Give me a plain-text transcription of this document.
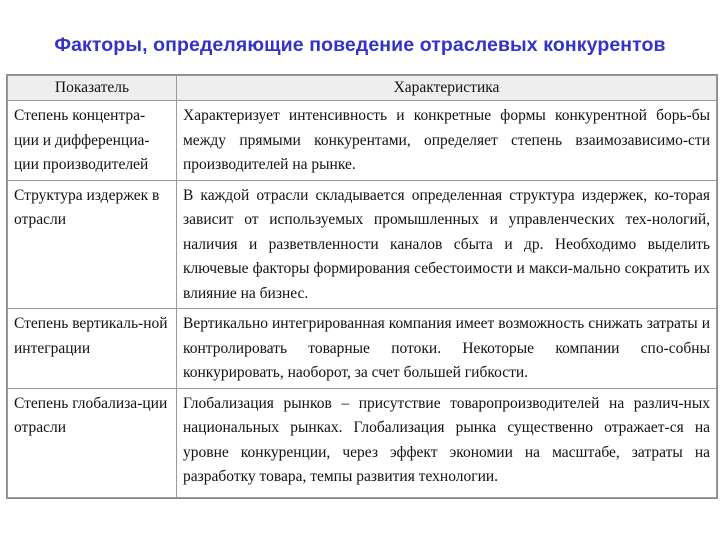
Факторы, определяющие поведение отраслевых конкурентов
Показатель	Характеристика
Степень концентра-ции и дифференциа-ции производителей	Характеризует интенсивность и конкретные формы конкурентной борь-бы между прямыми конкурентами, определяет степень взаимозависимо-сти производителей на рынке.
Структура издержек в отрасли	В каждой отрасли складывается определенная структура издержек, ко-торая зависит от используемых промышленных и управленческих тех-нологий, наличия и разветвленности каналов сбыта и др. Необходимо выделить ключевые факторы формирования себестоимости и макси-мально сократить их влияние на бизнес.
Степень вертикаль-ной интеграции	Вертикально интегрированная компания имеет возможность снижать затраты и контролировать товарные потоки. Некоторые компании спо-собны конкурировать, наоборот, за счет большей гибкости.
Степень глобализа-ции отрасли	Глобализация рынков – присутствие товаропроизводителей на различ-ных национальных рынках. Глобализация рынка существенно отражает-ся на уровне конкуренции, через эффект экономии на масштабе, затраты на разработку товара, темпы развития технологии.
